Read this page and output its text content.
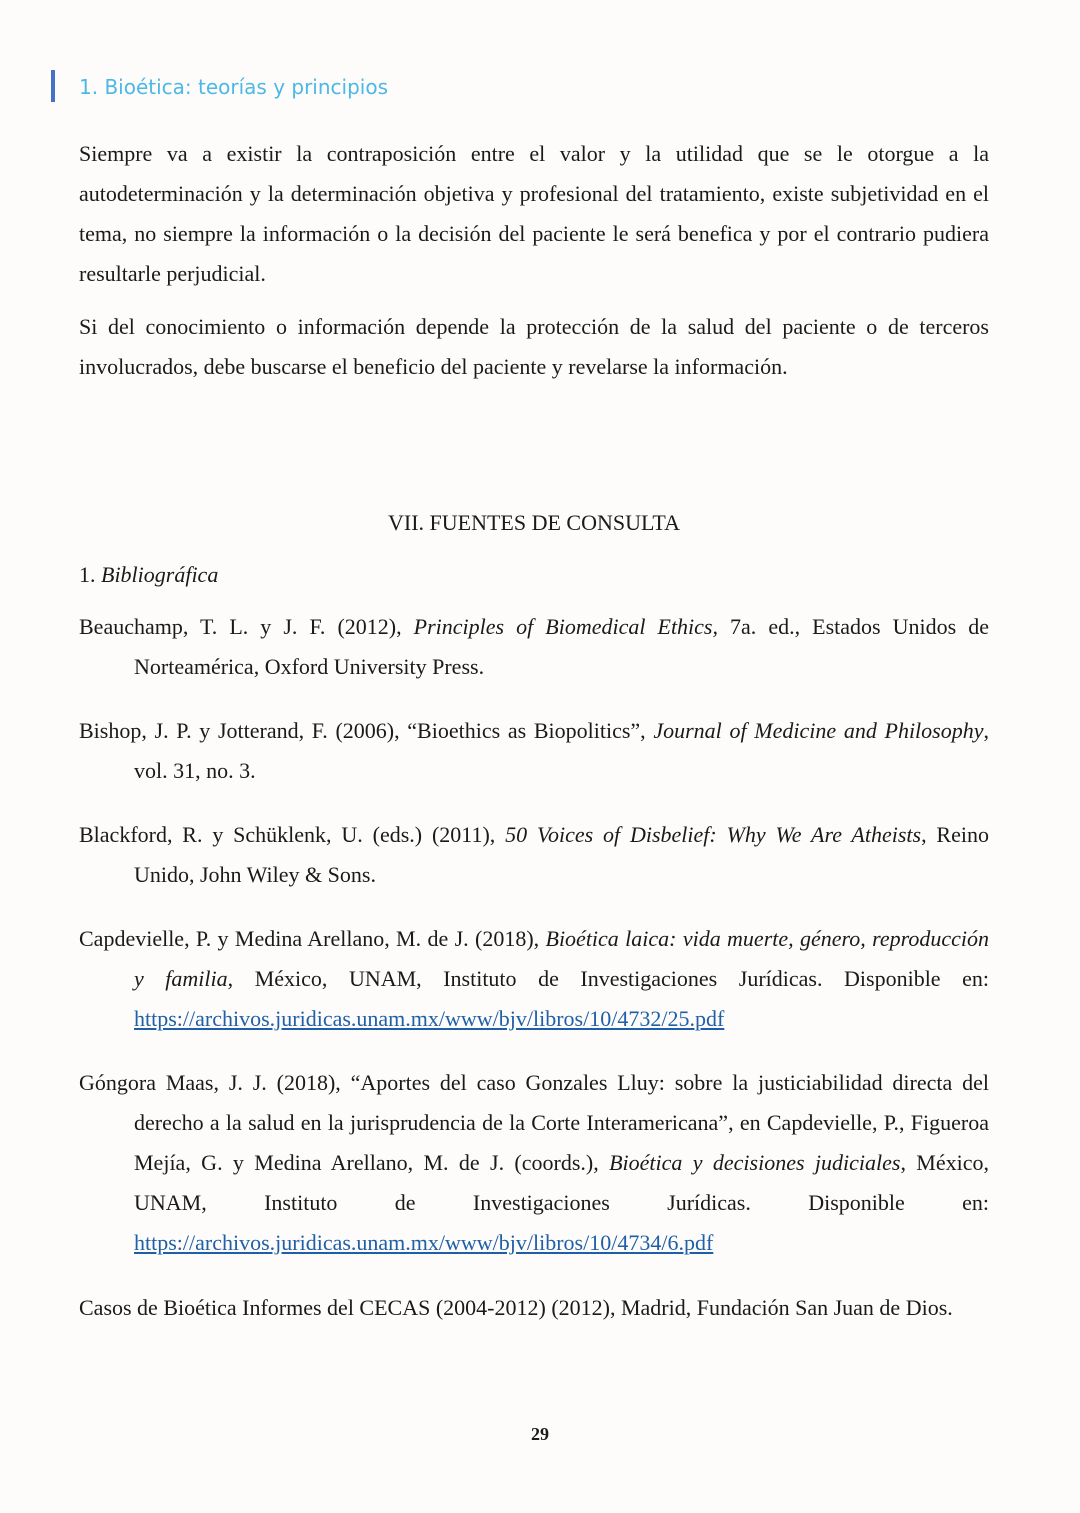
1. Bioética: teorías y principios
Siempre va a existir la contraposición entre el valor y la utilidad que se le otorgue a la autodeterminación y la determinación objetiva y profesional del tratamiento, existe subjetividad en el tema, no siempre la información o la decisión del paciente le será benefica y por el contrario pudiera resultarle perjudicial.
Si del conocimiento o información depende la protección de la salud del paciente o de terceros involucrados, debe buscarse el beneficio del paciente y revelarse la información.
VII. FUENTES DE CONSULTA
1. Bibliográfica
Beauchamp, T. L. y J. F. (2012), Principles of Biomedical Ethics, 7a. ed., Estados Unidos de Norteamérica, Oxford University Press.
Bishop, J. P. y Jotterand, F. (2006), “Bioethics as Biopolitics”, Journal of Medicine and Philosophy, vol. 31, no. 3.
Blackford, R. y Schüklenk, U. (eds.) (2011), 50 Voices of Disbelief: Why We Are Atheists, Reino Unido, John Wiley & Sons.
Capdevielle, P. y Medina Arellano, M. de J. (2018), Bioética laica: vida muerte, género, reproducción y familia, México, UNAM, Instituto de Investigaciones Jurídicas. Disponible en: https://archivos.juridicas.unam.mx/www/bjv/libros/10/4732/25.pdf
Góngora Maas, J. J. (2018), “Aportes del caso Gonzales Lluy: sobre la justiciabilidad directa del derecho a la salud en la jurisprudencia de la Corte Interamericana”, en Capdevielle, P., Figueroa Mejía, G. y Medina Arellano, M. de J. (coords.), Bioética y decisiones judiciales, México, UNAM, Instituto de Investigaciones Jurídicas. Disponible en: https://archivos.juridicas.unam.mx/www/bjv/libros/10/4734/6.pdf
Casos de Bioética Informes del CECAS (2004-2012) (2012), Madrid, Fundación San Juan de Dios.
29
